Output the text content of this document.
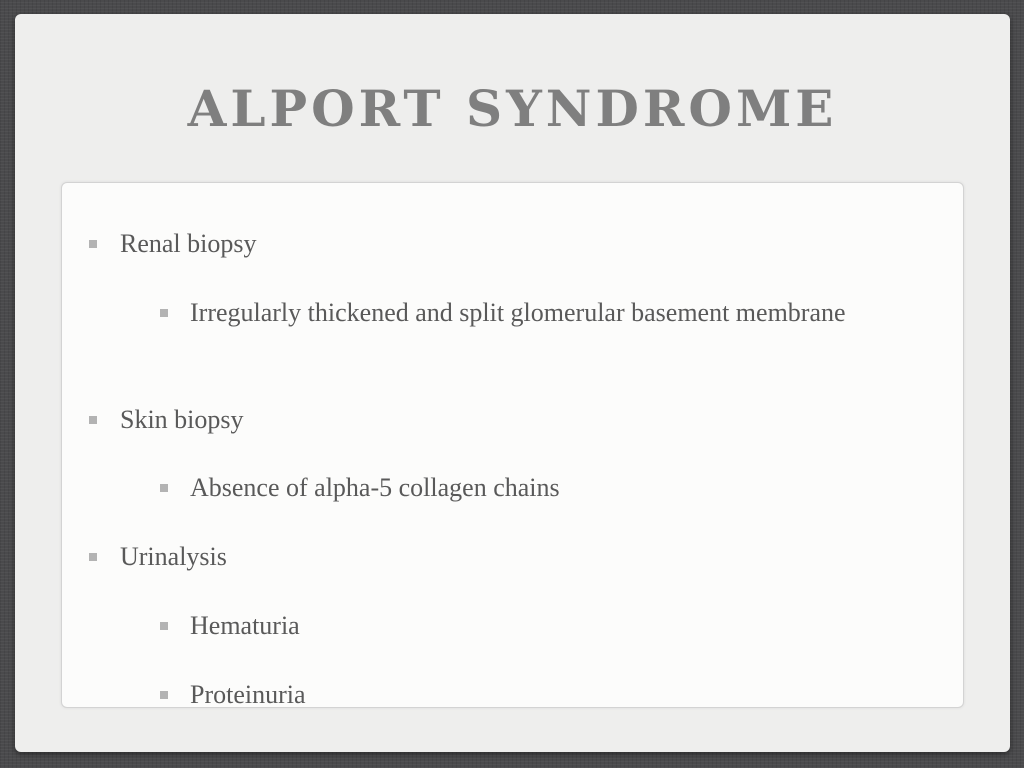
ALPORT SYNDROME
Renal biopsy
Irregularly thickened and split glomerular basement membrane
Skin biopsy
Absence of alpha-5 collagen chains
Urinalysis
Hematuria
Proteinuria
